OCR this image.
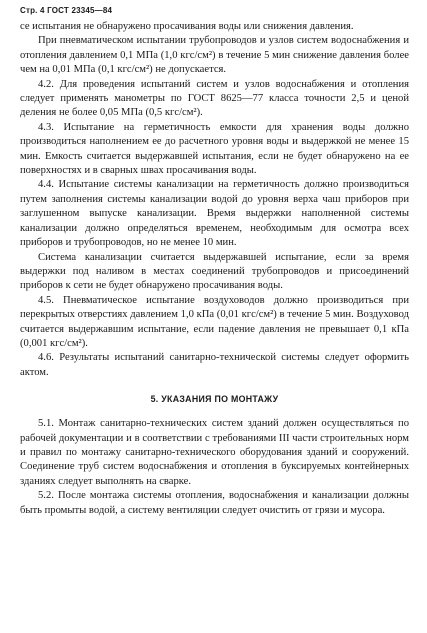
Стр. 4 ГОСТ 23345—84

се испытания не обнаружено просачивания воды или снижения давления.

При пневматическом испытании трубопроводов и узлов систем водоснабжения и отопления давлением 0,1 МПа (1,0 кгс/см²) в течение 5 мин снижение давления более чем на 0,01 МПа (0,1 кгс/см²) не допускается.

4.2. Для проведения испытаний систем и узлов водоснабжения и отопления следует применять манометры по ГОСТ 8625—77 класса точности 2,5 и ценой деления не более 0,05 МПа (0,5 кгс/см²).

4.3. Испытание на герметичность емкости для хранения воды должно производиться наполнением ее до расчетного уровня воды и выдержкой не менее 15 мин. Емкость считается выдержавшей испытания, если не будет обнаружено на ее поверхностях и в сварных швах просачивания воды.

4.4. Испытание системы канализации на герметичность должно производиться путем заполнения системы канализации водой до уровня верха чаш приборов при заглушенном выпуске канализации. Время выдержки наполненной системы канализации должно определяться временем, необходимым для осмотра всех приборов и трубопроводов, но не менее 10 мин.

Система канализации считается выдержавшей испытание, если за время выдержки под наливом в местах соединений трубопроводов и присоединений приборов к сети не будет обнаружено просачивания воды.

4.5. Пневматическое испытание воздуховодов должно производиться при перекрытых отверстиях давлением 1,0 кПа (0,01 кгс/см²) в течение 5 мин. Воздуховод считается выдержавшим испытание, если падение давления не превышает 0,1 кПа (0,001 кгс/см²).

4.6. Результаты испытаний санитарно-технической системы следует оформить актом.

5. УКАЗАНИЯ ПО МОНТАЖУ

5.1. Монтаж санитарно-технических систем зданий должен осуществляться по рабочей документации и в соответствии с требованиями III части строительных норм и правил по монтажу санитарно-технического оборудования зданий и сооружений. Соединение труб систем водоснабжения и отопления в буксируемых контейнерных зданиях следует выполнять на сварке.

5.2. После монтажа системы отопления, водоснабжения и канализации должны быть промыты водой, а систему вентиляции следует очистить от грязи и мусора.
